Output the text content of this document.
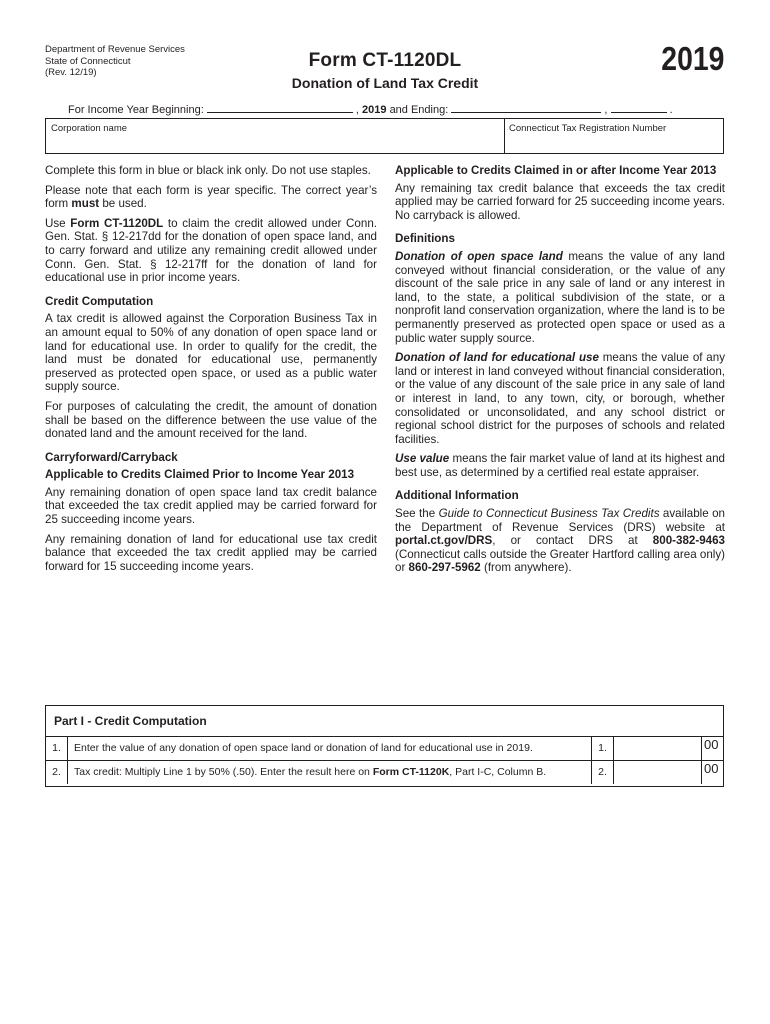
Department of Revenue Services
State of Connecticut
(Rev. 12/19)
Form CT-1120DL
Donation of Land Tax Credit
2019
For Income Year Beginning:	, 2019 and Ending:	,	.
Corporation name	Connecticut Tax Registration Number

Complete this form in blue or black ink only. Do not use staples.

Please note that each form is year specific. The correct year’s form must be used.

Use Form CT-1120DL to claim the credit allowed under Conn. Gen. Stat. § 12-217dd for the donation of open space land, and to carry forward and utilize any remaining credit allowed under Conn. Gen. Stat. § 12-217ff for the donation of land for educational use in prior income years.

Credit Computation

A tax credit is allowed against the Corporation Business Tax in an amount equal to 50% of any donation of open space land or land for educational use. In order to qualify for the credit, the land must be donated for educational use, permanently preserved as protected open space, or used as a public water supply source.

For purposes of calculating the credit, the amount of donation shall be based on the difference between the use value of the donated land and the amount received for the land.

Carryforward/Carryback
Applicable to Credits Claimed Prior to Income Year 2013

Any remaining donation of open space land tax credit balance that exceeded the tax credit applied may be carried forward for 25 succeeding income years.

Any remaining donation of land for educational use tax credit balance that exceeded the tax credit applied may be carried forward for 15 succeeding income years.

Applicable to Credits Claimed in or after Income Year 2013

Any remaining tax credit balance that exceeds the tax credit applied may be carried forward for 25 succeeding income years. No carryback is allowed.

Definitions

Donation of open space land means the value of any land conveyed without financial consideration, or the value of any discount of the sale price in any sale of land or any interest in land, to the state, a political subdivision of the state, or a nonprofit land conservation organization, where the land is to be permanently preserved as protected open space or used as a public water supply source.

Donation of land for educational use means the value of any land or interest in land conveyed without financial consideration, or the value of any discount of the sale price in any sale of land or interest in land, to any town, city, or borough, whether consolidated or unconsolidated, and any school district or regional school district for the purposes of schools and related facilities.

Use value means the fair market value of land at its highest and best use, as determined by a certified real estate appraiser.

Additional Information

See the Guide to Connecticut Business Tax Credits available on the Department of Revenue Services (DRS) website at portal.ct.gov/DRS, or contact DRS at 800-382-9463 (Connecticut calls outside the Greater Hartford calling area only) or 860-297-5962 (from anywhere).

Part I - Credit Computation
1.	Enter the value of any donation of open space land or donation of land for educational use in 2019.	1.	00
2.	Tax credit: Multiply Line 1 by 50% (.50). Enter the result here on Form CT-1120K, Part I-C, Column B.	2.	00
